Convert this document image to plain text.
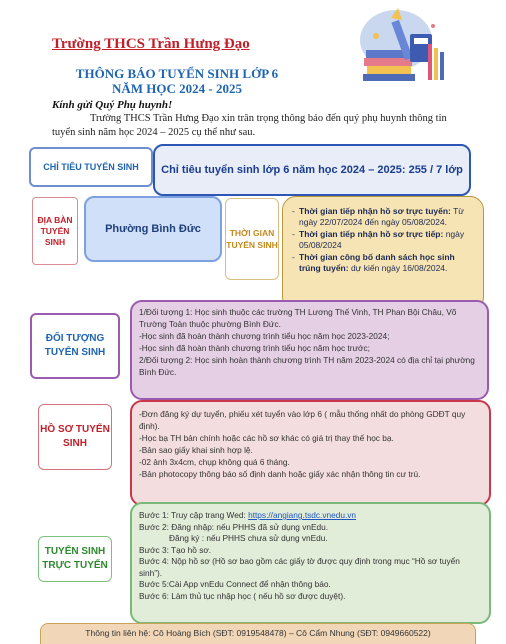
Trường THCS Trần Hưng Đạo
THÔNG BÁO TUYỂN SINH LỚP 6
NĂM HỌC 2024 - 2025
Kính gửi Quý Phụ huynh!
Trường THCS Trần Hưng Đạo xin trân trọng thông báo đến quý phụ huynh thông tin tuyển sinh năm học 2024 – 2025 cụ thể như sau.
CHỈ TIÊU TUYỂN SINH	Chỉ tiêu tuyển sinh lớp 6 năm học 2024 – 2025: 255 / 7 lớp
ĐỊA BÀN TUYỂN SINH
Phường Bình Đức	THỜI GIAN TUYỂN SINH
- Thời gian tiếp nhận hồ sơ trực tuyến: Từ ngày 22/07/2024 đến ngày 05/08/2024.
- Thời gian tiếp nhận hồ sơ trực tiếp: ngày 05/08/2024
- Thời gian công bố danh sách học sinh trúng tuyển: dự kiến ngày 16/08/2024.
ĐỐI TƯỢNG TUYỂN SINH
1/Đối tượng 1: Học sinh thuộc các trường TH Lương Thế Vinh, TH Phan Bội Châu, Võ Trường Toản thuộc phường Bình Đức.
-Học sinh đã hoàn thành chương trình tiểu học năm học 2023-2024;
-Học sinh đã hoàn thành chương trình tiểu học năm học trước;
2/Đối tượng 2: Học sinh hoàn thành chương trình TH năm 2023-2024 có địa chỉ tại phường Bình Đức.
HỒ SƠ TUYỂN SINH
-Đơn đăng ký dự tuyển, phiếu xét tuyển vào lớp 6 ( mẫu thống nhất do phòng GDĐT quy định).
-Học bạ TH bản chính hoặc các hồ sơ khác có giá trị thay thế học bạ.
-Bản sao giấy khai sinh hợp lệ.
-02 ảnh 3x4cm, chụp không quá 6 tháng.
-Bản photocopy thông báo số định danh hoặc giấy xác nhận thông tin cư trú.
TUYỂN SINH TRỰC TUYẾN
Bước 1: Truy cập trang Wed: https://angiang.tsdc.vnedu.vn
Bước 2: Đăng nhập: nếu PHHS đã sử dụng vnEdu.
Đăng ký : nếu PHHS chưa sử dụng vnEdu.
Bước 3: Tạo hồ sơ.
Bước 4: Nộp hồ sơ (Hồ sơ bao gồm các giấy tờ được quy định trong mục “Hồ sơ tuyển sinh”).
Bước 5:Cài App vnEdu Connect để nhận thông báo.
Bước 6: Làm thủ tục nhập học ( nếu hồ sơ được duyệt).
Thông tin liên hệ: Cô Hoàng Bích (SĐT: 0919548478) – Cô Cẩm Nhung (SĐT: 0949660522)
